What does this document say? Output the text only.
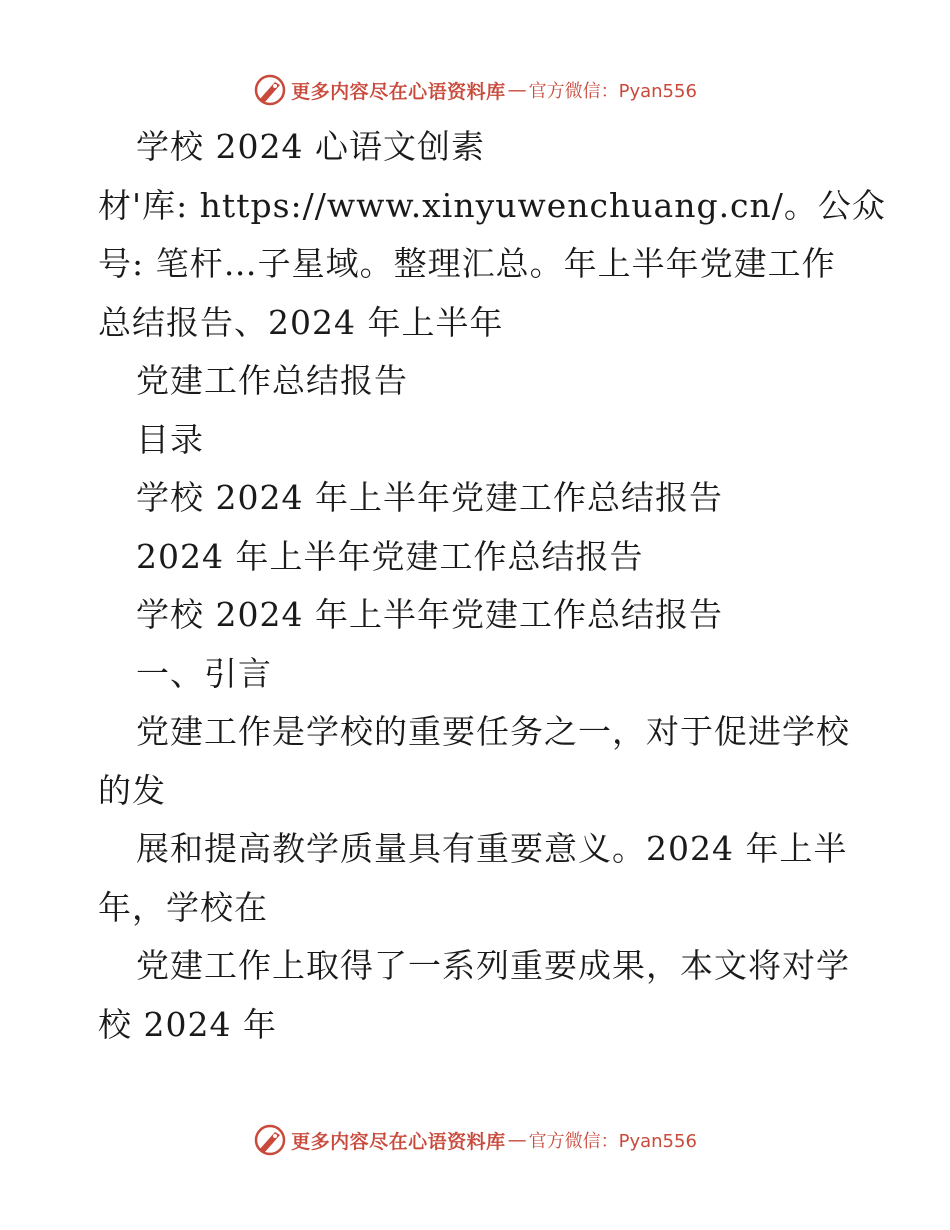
更多内容尽在心语资料库 — 官方微信：Pyan556
学校 2024 心语文创素
材'库: https://www.xinyuwenchuang.cn/。公众
号: 笔杆…子星域。整理汇总。年上半年党建工作
总结报告、2024 年上半年
党建工作总结报告
目录
学校 2024 年上半年党建工作总结报告
2024 年上半年党建工作总结报告
学校 2024 年上半年党建工作总结报告
一、引言
党建工作是学校的重要任务之一，对于促进学校
的发
展和提高教学质量具有重要意义。2024 年上半
年，学校在
党建工作上取得了一系列重要成果，本文将对学
校 2024 年
更多内容尽在心语资料库 — 官方微信：Pyan556
